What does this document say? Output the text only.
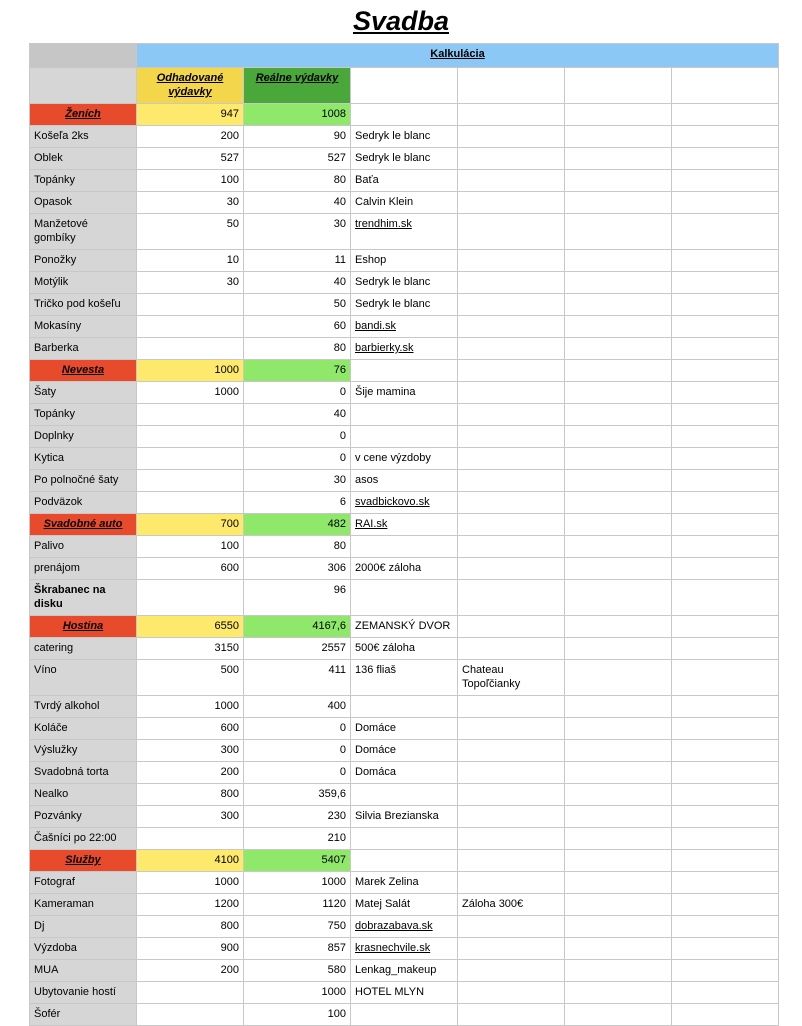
Svadba
	Kalkulácia					
	Odhadované výdavky	Reálne výdavky				
Ženích	947	1008				
Košeľa 2ks	200	90	Sedryk le blanc			
Oblek	527	527	Sedryk le blanc			
Topánky	100	80	Baťa			
Opasok	30	40	Calvin Klein			
Manžetové gombíky	50	30	trendhim.sk			
Ponožky	10	11	Eshop			
Motýlik	30	40	Sedryk le blanc			
Tričko pod košeľu		50	Sedryk le blanc			
Mokasíny		60	bandi.sk			
Barberka		80	barbierky.sk			
Nevesta	1000	76				
Šaty	1000	0	Šije mamina			
Topánky		40				
Doplnky		0				
Kytica		0	v cene výzdoby			
Po polnočné šaty		30	asos			
Podväzok		6	svadbickovo.sk			
Svadobné auto	700	482	RAI.sk			
Palivo	100	80				
prenájom	600	306	2000€ záloha			
Škrabanec na disku		96				
Hostina	6550	4167,6	ZEMANSKÝ DVOR			
catering	3150	2557	500€ záloha			
Víno	500	411	136 fliaš	Chateau Topoľčianky		
Tvrdý alkohol	1000	400				
Koláče	600	0	Domáce			
Výslužky	300	0	Domáce			
Svadobná torta	200	0	Domáca			
Nealko	800	359,6				
Pozvánky	300	230	Silvia Brezianska			
Čašníci po 22:00		210				
Služby	4100	5407				
Fotograf	1000	1000	Marek Zelina			
Kameraman	1200	1120	Matej Salát	Záloha 300€		
Dj	800	750	dobrazabava.sk			
Výzdoba	900	857	krasnechvile.sk			
MUA	200	580	Lenkag_makeup			
Ubytovanie hostí		1000	HOTEL MLYN			
Šofér		100				
